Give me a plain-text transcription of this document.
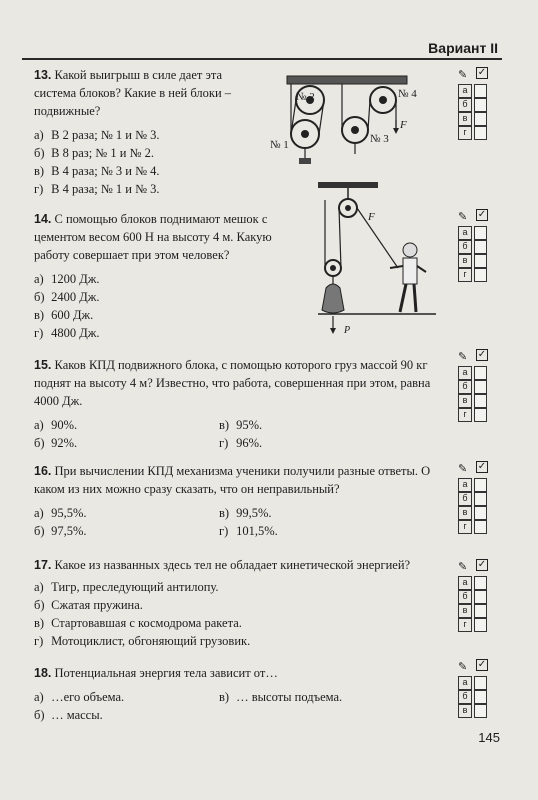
Вариант II
13. Какой выигрыш в силе дает эта система блоков? Какие в ней блоки – подвижные?
а) В 2 раза; № 1 и № 3.
б) В 8 раз; № 1 и № 2.
в) В 4 раза; № 3 и № 4.
г) В 4 раза; № 1 и № 3.
№ 2	№ 4
№ 1	№ 3
F
14. С помощью блоков поднимают мешок с цементом весом 600 Н на высоту 4 м. Какую работу совершает при этом человек?
а) 1200 Дж.
б) 2400 Дж.
в) 600 Дж.
г) 4800 Дж.
F
P
15. Каков КПД подвижного блока, с помощью которого груз массой 90 кг поднят на высоту 4 м? Известно, что работа, совершенная при этом, равна 4000 Дж.
а) 90%.	в) 95%.
б) 92%.	г) 96%.
16. При вычислении КПД механизма ученики получили разные ответы. О каком из них можно сразу сказать, что он неправильный?
а) 95,5%.	в) 99,5%.
б) 97,5%.	г) 101,5%.
17. Какое из названных здесь тел не обладает кинетической энергией?
а) Тигр, преследующий антилопу.
б) Сжатая пружина.
в) Стартовавшая с космодрома ракета.
г) Мотоциклист, обгоняющий грузовик.
18. Потенциальная энергия тела зависит от…
а) …его объема.	в) … высоты подъема.
б) … массы.
✎ ✓
а
б
в
г
✎ ✓
а
б
в
г
✎ ✓
а
б
в
г
✎ ✓
а
б
в
г
✎ ✓
а
б
в
г
✎ ✓
а
б
в
145
